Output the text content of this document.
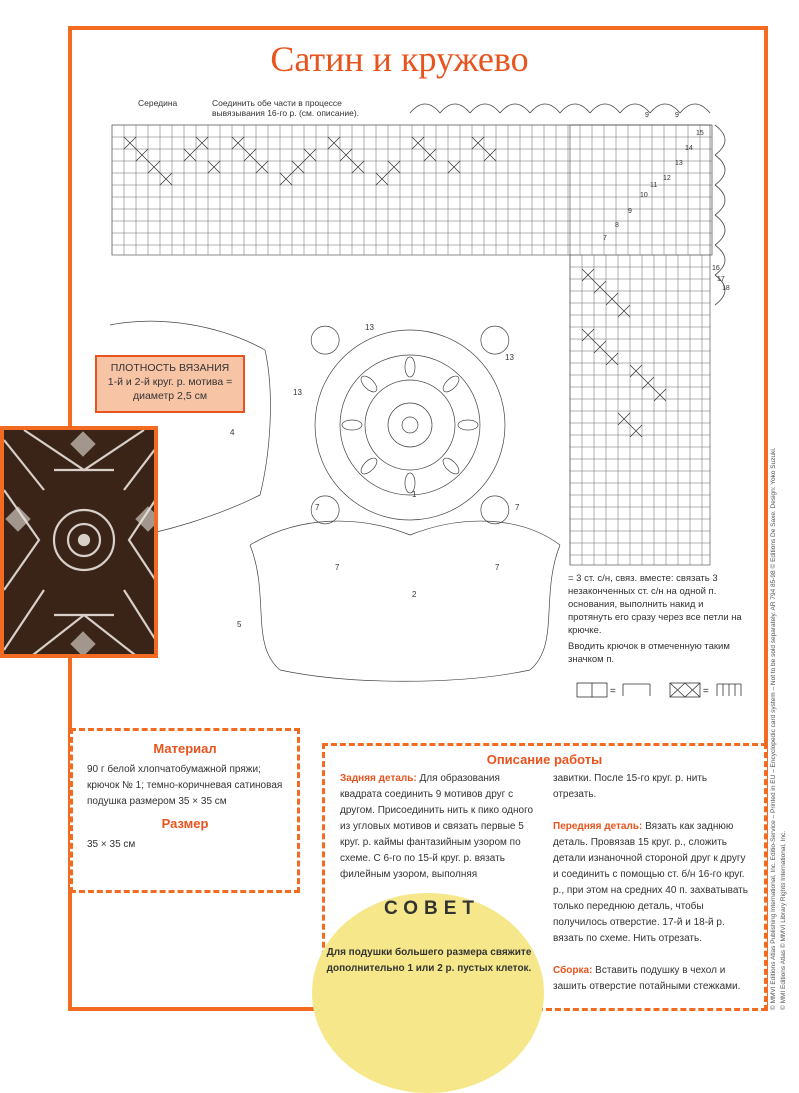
Сатин и кружево
1
2
4
5
13
13
13
7	7
7	7
9	9
15
14
13
12
11
10
9
8
7
16
17
18
Середина	Соединить обе части в процессе
вывязывания 16-го р. (см. описание).
ПЛОТНОСТЬ ВЯЗАНИЯ
1-й и 2-й круг. р. мотива =
диаметр 2,5 см
= 3 ст. с/н, связ. вместе: связать 3 незаконченных ст. с/н на одной п. основания, выполнить накид и протянуть его сразу через все петли на крючке.
Вводить крючок в отмеченную таким значком п.
=	=
Материал
90 г белой хлопчатобумажной пряжи; крючок № 1; темно-коричневая сатиновая подушка размером 35 × 35 см
Размер
35 × 35 см
Описание работы
Задняя деталь: Для образования квадрата соединить 9 мотивов друг с другом. Присоединить нить к пико одного из угловых мотивов и связать первые 5 круг. р. каймы фантазийным узором по схеме. С 6-го по 15-й круг. р. вязать филейным узором, выполняя
завитки. После 15-го круг. р. нить отрезать.
Передняя деталь: Вязать как заднюю деталь. Провязав 15 круг. р., сложить детали изнаночной стороной друг к другу и соединить с помощью ст. б/н 16-го круг. р., при этом на средних 40 п. захватывать только переднюю деталь, чтобы получилось отверстие. 17-й и 18-й р. вязать по схеме. Нить отрезать.
Сборка: Вставить подушку в чехол и зашить отверстие потайными стежками.
СОВЕТ
Для подушки большего размера свяжите дополнительно 1 или 2 р. пустых клеток.	© MMVI Editions Atlas Publishing International, Inc. Editio-Service – Printed in EU – Encyclopedic card system – Not to be sold separately. AR 794 85-98 © Editions De Saxe. Design: Yoko Suzuki. © MMI Editions Atlas © MMVI Library Rights International, Inc.
